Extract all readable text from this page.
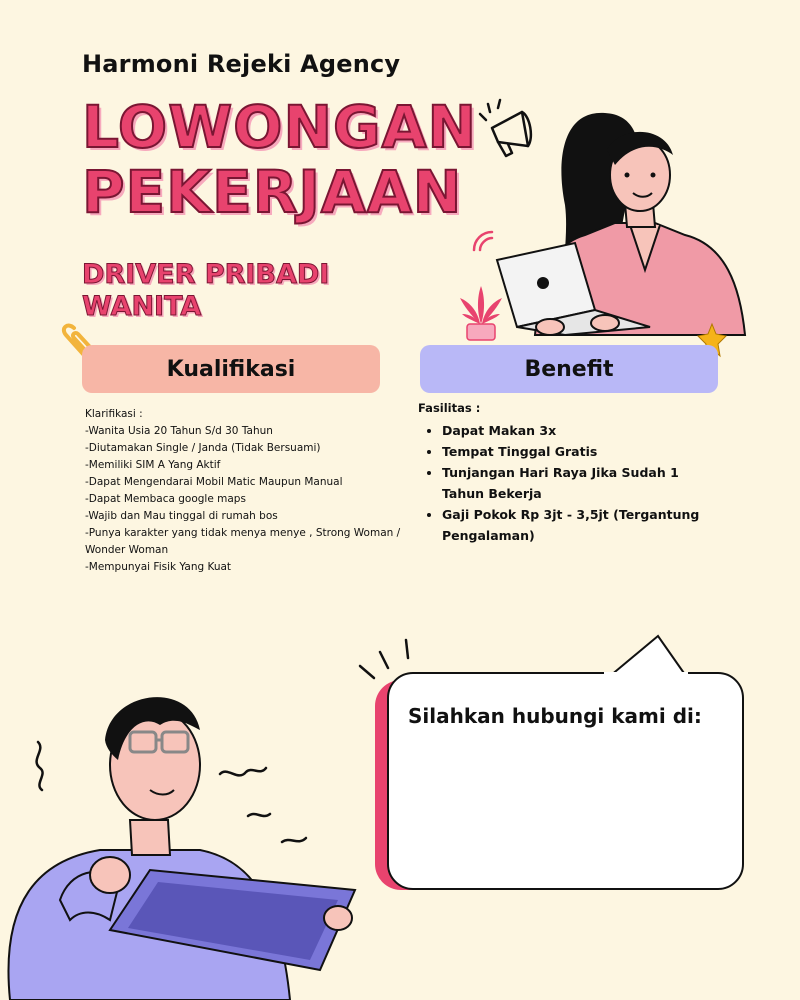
Harmoni Rejeki Agency
LOWONGAN
PEKERJAAN
DRIVER PRIBADI
WANITA
Kualifikasi	Benefit
Klarifikasi :
-Wanita Usia 20 Tahun S/d 30 Tahun
-Diutamakan Single / Janda (Tidak Bersuami)
-Memiliki SIM A Yang Aktif
-Dapat Mengendarai Mobil Matic Maupun Manual
-Dapat Membaca google maps
-Wajib dan Mau tinggal di rumah bos
-Punya karakter yang tidak menya menye , Strong Woman / Wonder Woman
-Mempunyai Fisik Yang Kuat
Fasilitas :
• Dapat Makan 3x
• Tempat Tinggal Gratis
• Tunjangan Hari Raya Jika Sudah 1 Tahun Bekerja
• Gaji Pokok Rp 3jt - 3,5jt (Tergantung Pengalaman)
Silahkan hubungi kami di:
